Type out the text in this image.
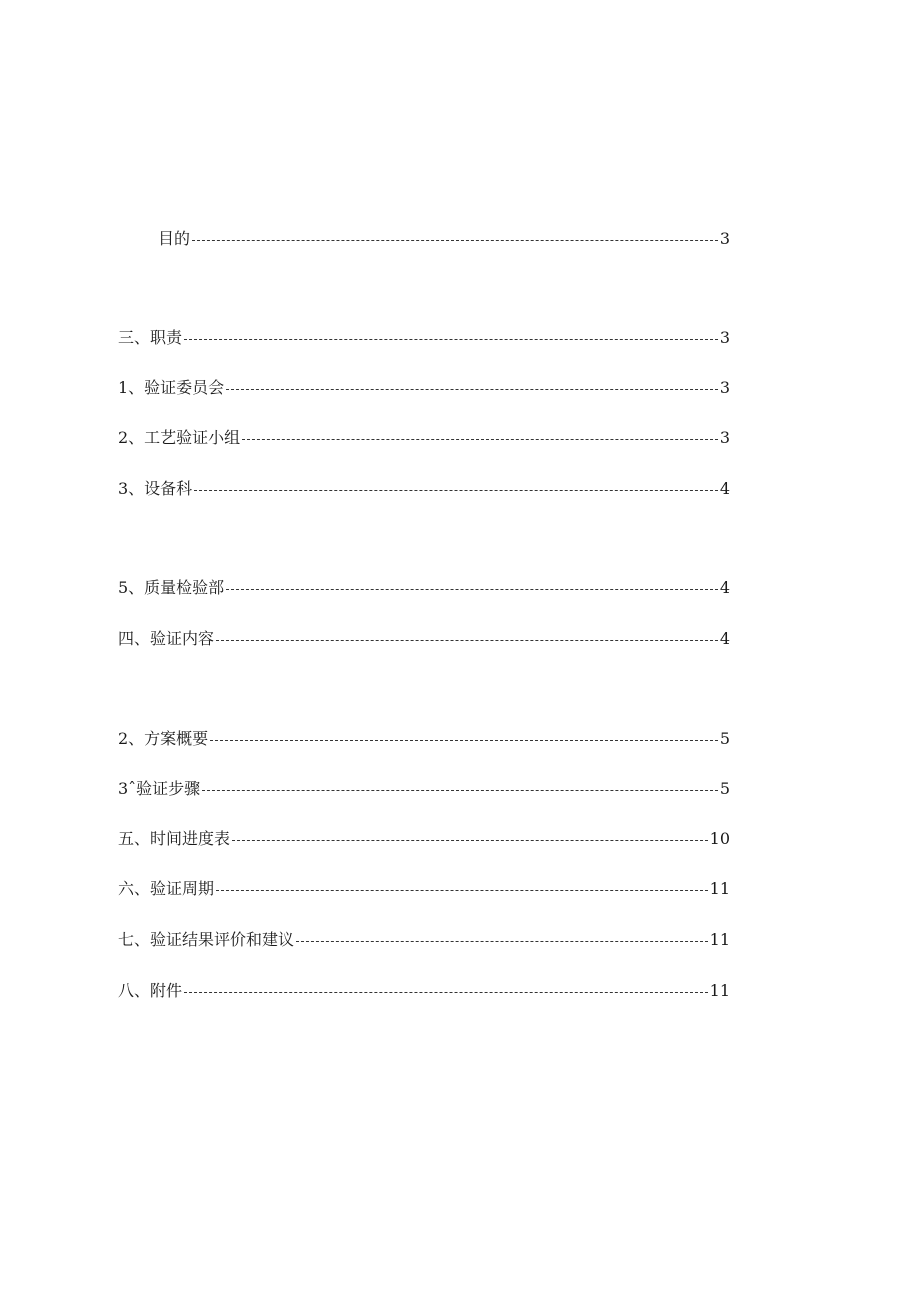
目的	3
三、职责	3
1、验证委员会	3
2、工艺验证小组	3
3、设备科	4
5、质量检验部	4
四、验证内容	4
2、方案概要	5
3ˆ验证步骤	5
五、时间进度表	10
六、验证周期	11
七、验证结果评价和建议	11
八、附件	11
